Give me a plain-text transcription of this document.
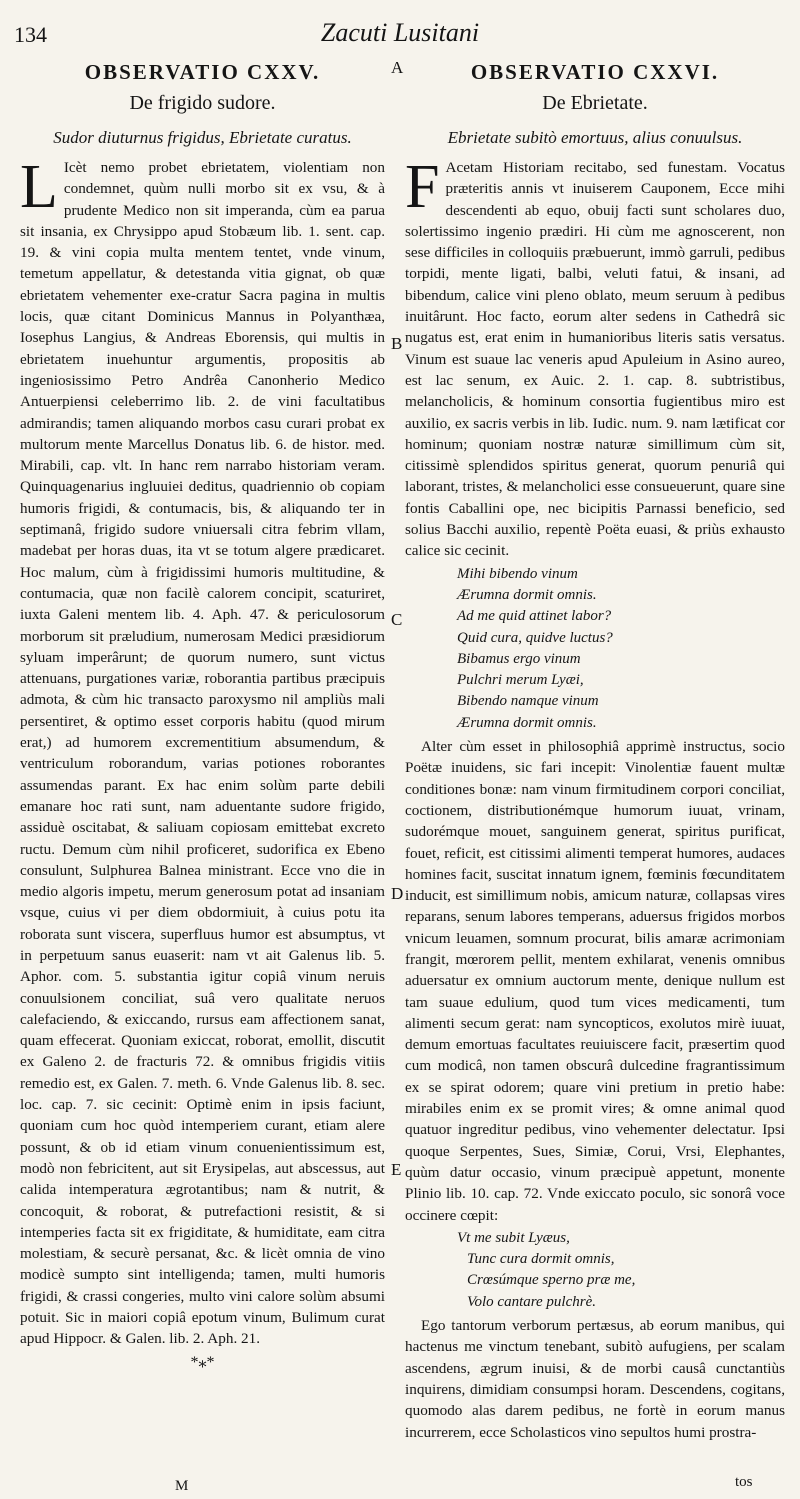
134	Zacuti Lusitani
A
B
C
D
E
OBSERVATIO CXXV.
De frigido sudore.
Sudor diuturnus frigidus, Ebrietate curatus.

L Icèt nemo probet ebrietatem, violentiam non condemnet, quùm nulli morbo sit ex vsu, & à prudente Medico non sit imperanda, cùm ea parua sit insania, ex Chrysippo apud Stobæum lib. 1. sent. cap. 19. & vini copia multa mentem tentet, vnde vinum, temetum appellatur, & detestanda vitia gignat, ob quæ ebrietatem vehementer exe-cratur Sacra pagina in multis locis, quæ citant Dominicus Mannus in Polyanthæa, Iosephus Langius, & Andreas Eborensis, qui multis in ebrietatem inuehuntur argumentis, propositis ab ingeniosissimo Petro Andrêa Canonherio Medico Antuerpiensi celeberrimo lib. 2. de vini facultatibus admirandis; tamen aliquando morbos casu curari probat ex multorum mente Marcellus Donatus lib. 6. de histor. med. Mirabili, cap. vlt. In hanc rem narrabo historiam veram. Quinquagenarius ingluuiei deditus, quadriennio ob copiam humoris frigidi, & contumacis, bis, & aliquando ter in septimanâ, frigido sudore vniuersali citra febrim vllam, madebat per horas duas, ita vt se totum algere prædicaret. Hoc malum, cùm à frigidissimi humoris multitudine, & contumacia, quæ non facilè calorem concipit, scaturiret, iuxta Galeni mentem lib. 4. Aph. 47. & periculosorum morborum sit præludium, numerosam Medici præsidiorum syluam imperârunt; de quorum numero, sunt victus attenuans, purgationes variæ, roborantia partibus præcipuis admota, & cùm hic transacto paroxysmo nil ampliùs mali persentiret, & optimo esset corporis habitu (quod mirum erat,) ad humorem excrementitium absumendum, & ventriculum roborandum, varias potiones roborantes assumendas parant. Ex hac enim solùm parte debili emanare hoc rati sunt, nam aduentante sudore frigido, assiduè oscitabat, & saliuam copiosam emittebat excreto ructu. Demum cùm nihil proficeret, sudorifica ex Ebeno consulunt, Sulphurea Balnea ministrant. Ecce vno die in medio algoris impetu, merum generosum potat ad insaniam vsque, cuius vi per diem obdormiuit, à cuius potu ita roborata sunt viscera, superfluus humor est absumptus, vt in perpetuum sanus euaserit: nam vt ait Galenus lib. 5. Aphor. com. 5. substantia igitur copiâ vinum neruis conuulsionem conciliat, suâ vero qualitate neruos calefaciendo, & exiccando, rursus eam affectionem sanat, quam effecerat. Quoniam exiccat, roborat, emollit, discutit ex Galeno 2. de fracturis 72. & omnibus frigidis vitiis remedio est, ex Galen. 7. meth. 6. Vnde Galenus lib. 8. sec. loc. cap. 7. sic cecinit: Optimè enim in ipsis faciunt, quoniam cum hoc quòd intemperiem curant, etiam alere possunt, & ob id etiam vinum conuenientissimum est, modò non febricitent, aut sit Erysipelas, aut abscessus, aut calida intemperatura ægrotantibus; nam & nutrit, & concoquit, & roborat, & putrefactioni resistit, & si intemperies facta sit ex frigiditate, & humiditate, eam citra molestiam, & securè persanat, &c. & licèt omnia de vino modicè sumpto sint intelligenda; tamen, multi humoris frigidi, & crassi congeries, multo vini calore solùm absumi potuit. Sic in maiori copiâ epotum vinum, Bulimum curat apud Hippocr. & Galen. lib. 2. Aph. 21.

*⁎*
OBSERVATIO CXXVI.
De Ebrietate.
Ebrietate subitò emortuus, alius conuulsus.

F Acetam Historiam recitabo, sed funestam. Vocatus præteritis annis vt inuiserem Cauponem, Ecce mihi descendenti ab equo, obuij facti sunt scholares duo, solertissimo ingenio prædiri. Hi cùm me agnoscerent, non sese difficiles in colloquiis præbuerunt, immò garruli, pedibus torpidi, mente ligati, balbi, veluti fatui, & insani, ad bibendum, calice vini pleno oblato, meum seruum à pedibus inuitârunt. Hoc facto, eorum alter sedens in Cathedrâ sic nugatus est, erat enim in humanioribus literis satis versatus. Vinum est suaue lac veneris apud Apuleium in Asino aureo, est lac senum, ex Auic. 2. 1. cap. 8. subtristibus, melancholicis, & hominum consortia fugientibus miro est auxilio, ex sacris verbis in lib. Iudic. num. 9. nam lætificat cor hominum; quoniam nostræ naturæ simillimum cùm sit, citissimè splendidos spiritus generat, quorum penuriâ qui laborant, tristes, & melancholici esse consueuerunt, quare sine fontis Caballini ope, nec bicipitis Parnassi beneficio, sed solius Bacchi auxilio, repentè Poëta euasi, & priùs exhausto calice sic cecinit.

Mihi bibendo vinum
Ærumna dormit omnis.
Ad me quid attinet labor?
Quid cura, quidve luctus?
Bibamus ergo vinum
Pulchri merum Lyæi,
Bibendo namque vinum
Ærumna dormit omnis.

Alter cùm esset in philosophiâ apprimè instructus, socio Poëtæ inuidens, sic fari incepit: Vinolentiæ fauent multæ conditiones bonæ: nam vinum firmitudinem corpori conciliat, coctionem, distributionémque humorum iuuat, vrinam, sudorémque mouet, sanguinem generat, spiritus purificat, fouet, reficit, est citissimi alimenti temperat humores, audaces homines facit, suscitat innatum ignem, fœminis fœcunditatem inducit, est simillimum nobis, amicum naturæ, collapsas vires reparans, senum labores temperans, aduersus frigidos morbos vnicum leuamen, somnum procurat, bilis amaræ acrimoniam frangit, mœrorem pellit, mentem exhilarat, venenis omnibus aduersatur ex omnium auctorum mente, denique nullum est tam suaue edulium, quod tum vices medicamenti, tum alimenti secum gerat: nam syncopticos, exolutos mirè iuuat, demum emortuas facultates reuiuiscere facit, præsertim quod cum modicâ, non tamen obscurâ dulcedine fragrantissimum ex se spirat odorem; quare vini pretium in pretio habe: mirabiles enim ex se promit vires; & omne animal quod quatuor ingreditur pedibus, vino vehementer delectatur. Ipsi quoque Serpentes, Sues, Simiæ, Corui, Vrsi, Elephantes, quùm datur occasio, vinum præcipuè appetunt, monente Plinio lib. 10. cap. 72. Vnde exiccato poculo, sic sonorâ voce occinere cœpit:

Vt me subit Lyæus,
Tunc cura dormit omnis,
Crœsúmque sperno præ me,
Volo cantare pulchrè.

Ego tantorum verborum pertæsus, ab eorum manibus, qui hactenus me vinctum tenebant, subitò aufugiens, per scalam ascendens, ægrum inuisi, & de morbi causâ cunctantiùs inquirens, dimidiam consumpsi horam. Descendens, cogitans, quomodo alas darem pedibus, ne fortè in eorum manus incurrerem, ecce Scholasticos vino sepultos humi prostra-

M	tos
